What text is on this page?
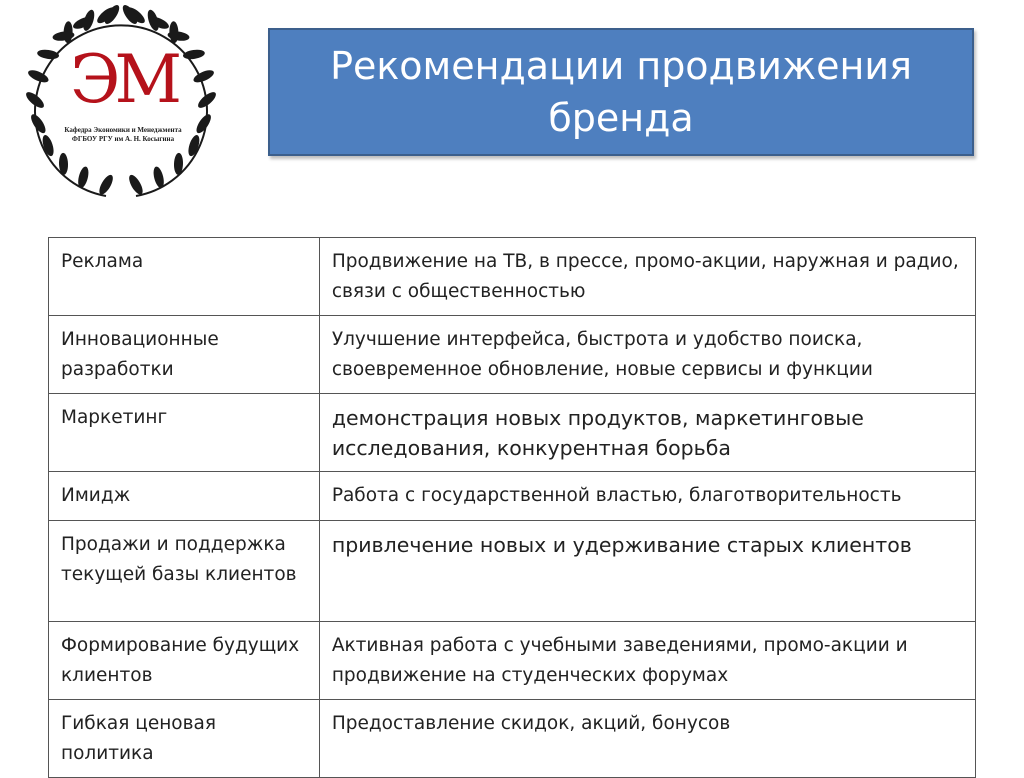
ЭМ
Кафедра Экономики и Менеджмента
ФГБОУ РГУ им А. Н. Косыгина
Рекомендации продвижения
бренда
Реклама	Продвижение на ТВ, в прессе, промо-акции, наружная и радио, связи с общественностью
Инновационные разработки	Улучшение интерфейса, быстрота и удобство поиска, своевременное обновление, новые сервисы и функции
Маркетинг	демонстрация новых продуктов, маркетинговые исследования, конкурентная борьба
Имидж	Работа с государственной властью, благотворительность
Продажи и поддержка текущей базы клиентов	привлечение новых и удерживание старых клиентов
Формирование будущих клиентов	Активная работа с учебными заведениями, промо-акции и продвижение на студенческих форумах
Гибкая ценовая политика	Предоставление скидок, акций, бонусов
